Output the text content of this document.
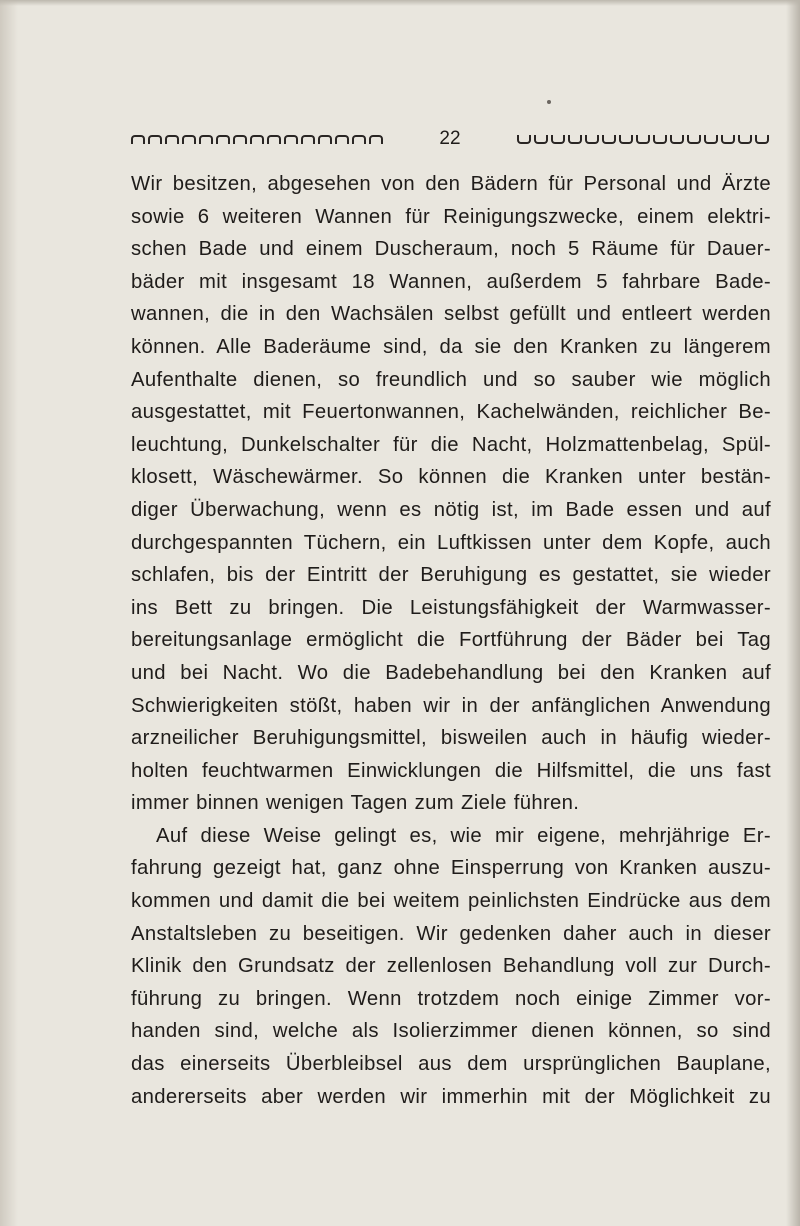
22
Wir besitzen, abgesehen von den Bädern für Personal und Ärzte
sowie 6 weiteren Wannen für Reinigungszwecke, einem elektri-
schen Bade und einem Duscheraum, noch 5 Räume für Dauer-
bäder mit insgesamt 18 Wannen, außerdem 5 fahrbare Bade-
wannen, die in den Wachsälen selbst gefüllt und entleert werden
können. Alle Baderäume sind, da sie den Kranken zu längerem
Aufenthalte dienen, so freundlich und so sauber wie möglich
ausgestattet, mit Feuertonwannen, Kachelwänden, reichlicher Be-
leuchtung, Dunkelschalter für die Nacht, Holzmattenbelag, Spül-
klosett, Wäschewärmer. So können die Kranken unter bestän-
diger Überwachung, wenn es nötig ist, im Bade essen und auf
durchgespannten Tüchern, ein Luftkissen unter dem Kopfe, auch
schlafen, bis der Eintritt der Beruhigung es gestattet, sie wieder
ins Bett zu bringen. Die Leistungsfähigkeit der Warmwasser-
bereitungsanlage ermöglicht die Fortführung der Bäder bei Tag
und bei Nacht. Wo die Badebehandlung bei den Kranken auf
Schwierigkeiten stößt, haben wir in der anfänglichen Anwendung
arzneilicher Beruhigungsmittel, bisweilen auch in häufig wieder-
holten feuchtwarmen Einwicklungen die Hilfsmittel, die uns fast
immer binnen wenigen Tagen zum Ziele führen.
Auf diese Weise gelingt es, wie mir eigene, mehrjährige Er-
fahrung gezeigt hat, ganz ohne Einsperrung von Kranken auszu-
kommen und damit die bei weitem peinlichsten Eindrücke aus dem
Anstaltsleben zu beseitigen. Wir gedenken daher auch in dieser
Klinik den Grundsatz der zellenlosen Behandlung voll zur Durch-
führung zu bringen. Wenn trotzdem noch einige Zimmer vor-
handen sind, welche als Isolierzimmer dienen können, so sind
das einerseits Überbleibsel aus dem ursprünglichen Bauplane,
andererseits aber werden wir immerhin mit der Möglichkeit zu
